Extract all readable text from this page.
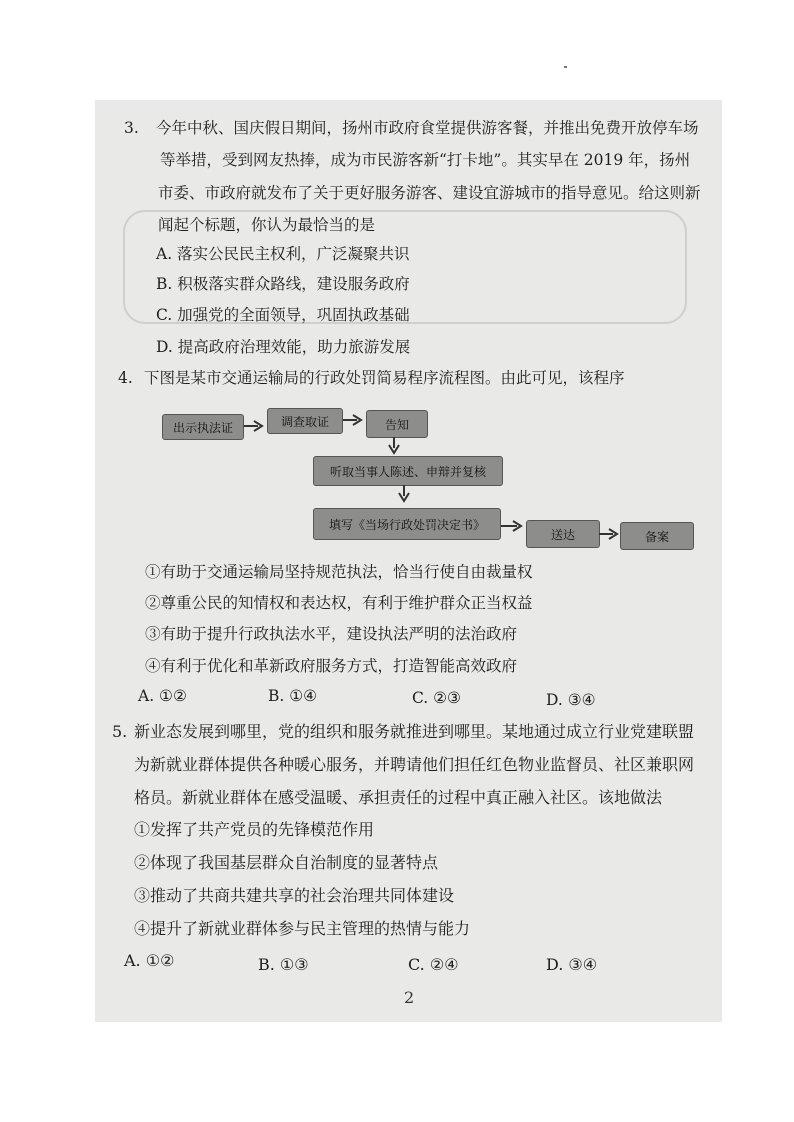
3. 今年中秋、国庆假日期间，扬州市政府食堂提供游客餐，并推出免费开放停车场
等举措，受到网友热捧，成为市民游客新“打卡地”。其实早在 2019 年，扬州
市委、市政府就发布了关于更好服务游客、建设宜游城市的指导意见。给这则新
闻起个标题，你认为最恰当的是
A. 落实公民民主权利，广泛凝聚共识
B. 积极落实群众路线，建设服务政府
C. 加强党的全面领导，巩固执政基础
D. 提高政府治理效能，助力旅游发展
4. 下图是某市交通运输局的行政处罚简易程序流程图。由此可见，该程序
出示执法证	调查取证	告知
听取当事人陈述、申辩并复核
填写《当场行政处罚决定书》
送达	备案
①有助于交通运输局坚持规范执法，恰当行使自由裁量权
②尊重公民的知情权和表达权，有利于维护群众正当权益
③有助于提升行政执法水平，建设执法严明的法治政府
④有利于优化和革新政府服务方式，打造智能高效政府
A. ①②	B. ①④	C. ②③	D. ③④
5. 新业态发展到哪里，党的组织和服务就推进到哪里。某地通过成立行业党建联盟
为新就业群体提供各种暖心服务，并聘请他们担任红色物业监督员、社区兼职网
格员。新就业群体在感受温暖、承担责任的过程中真正融入社区。该地做法
①发挥了共产党员的先锋模范作用
②体现了我国基层群众自治制度的显著特点
③推动了共商共建共享的社会治理共同体建设
④提升了新就业群体参与民主管理的热情与能力
A. ①②	B. ①③	C. ②④	D. ③④
2
